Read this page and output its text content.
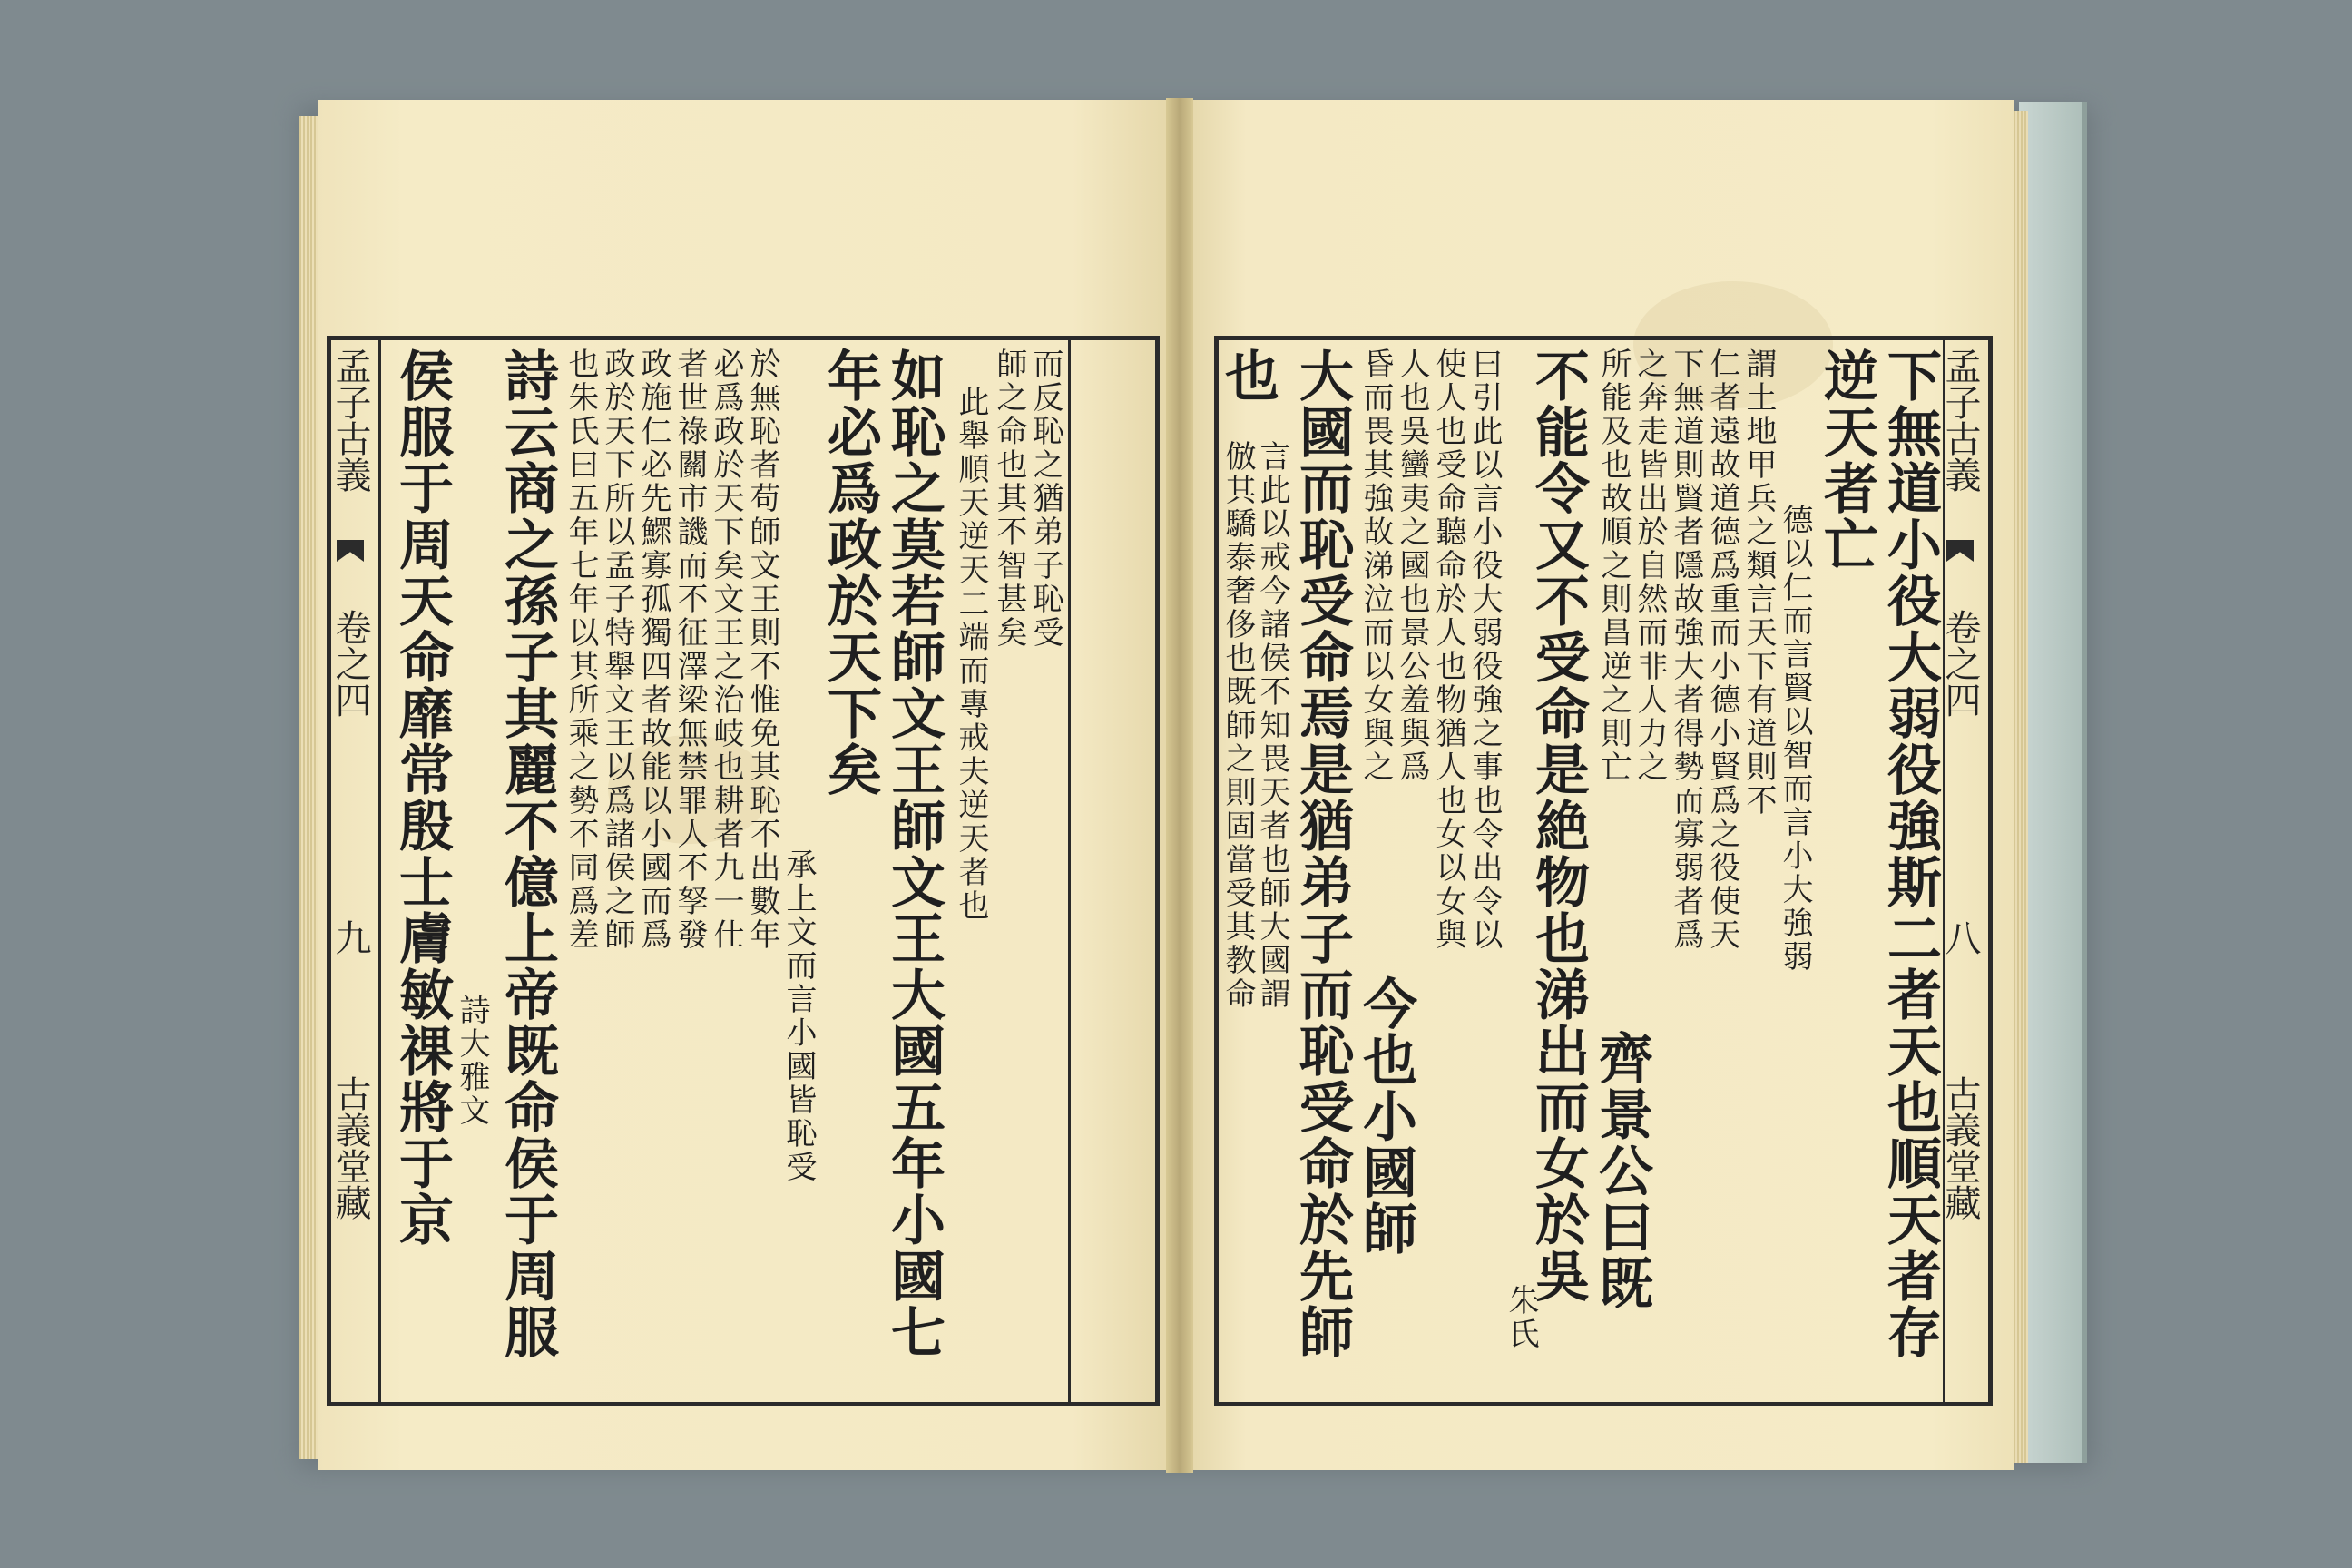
孟子古義  卷之四  九  古義堂藏 侯服于周天命靡常殷士膚敏祼將于京 詩大雅文 詩云商之孫子其麗不億上帝既命侯于周服 也朱氏曰五年七年以其所乘之勢不同爲差 政於天下所以孟子特舉文王以爲諸侯之師 政施仁必先鰥寡孤獨四者故能以小國而爲 者世祿關市譏而不征澤梁無禁罪人不孥發 必爲政於天下矣文王之治岐也耕者九一仕 於無恥者苟師文王則不惟免其恥不出數年
承上文而言小國皆恥受
年必爲政於天下矣 如恥之莫若師文王師文王大國五年小國七 此舉順天逆天二端而專戒夫逆天者也 師之命也其不智甚矣 而反恥之猶弟子恥受	倣其驕泰奢侈也既師之則固當受其教命
言此以戒今諸侯不知畏天者也師大國謂
也 大國而恥受命焉是猶弟子而恥受命於先師 今也小國師
昏而畏其強故涕泣而以女與之 人也吳蠻夷之國也景公羞與爲 使人也受命聽命於人也物猶人也女以女與 曰引此以言小役大弱役強之事也令出令以
朱氏
不能令又不受命是絶物也涕出而女於吳 齊景公曰既
所能及也故順之則昌逆之則亡 之奔走皆出於自然而非人力之 下無道則賢者隱故強大者得勢而寡弱者爲 仁者遠故道德爲重而小德小賢爲之役使天 謂土地甲兵之類言天下有道則不 德以仁而言賢以智而言小大強弱
逆天者亡 下無道小役大弱役強斯二者天也順天者存
孟子古義  卷之四  八  古義堂藏
